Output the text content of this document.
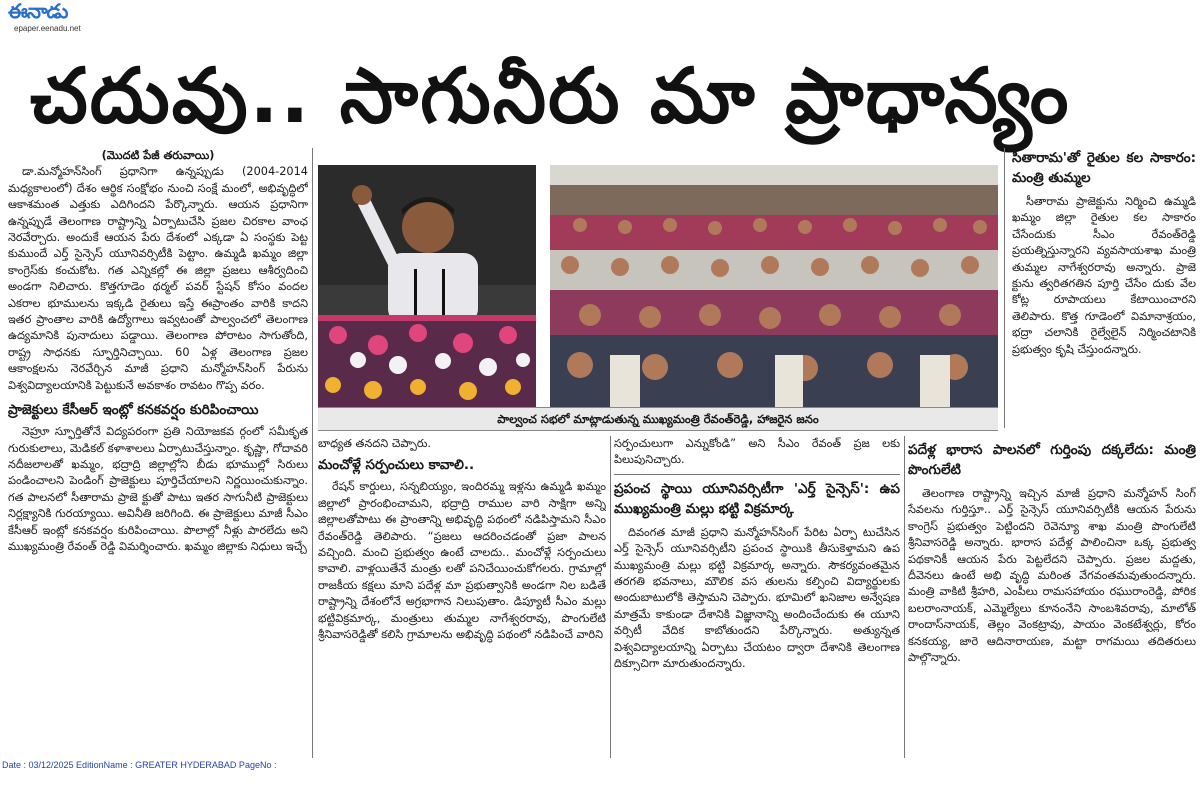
ఈనాడు
epaper.eenadu.net
చదువు.. సాగునీరు మా ప్రాధాన్యం
(మొదటి పేజీ తరువాయి)

డా.మన్మోహన్‌సింగ్ ప్రధానిగా ఉన్నప్పుడు (2004-2014 మధ్యకాలంలో) దేశం ఆర్థిక సంక్షోభం నుంచి సంక్షే మంలో, అభివృద్ధిలో ఆకాశమంత ఎత్తుకు ఎదిగిందని పేర్కొన్నారు. ఆయన ప్రధానిగా ఉన్నప్పుడే తెలంగాణ రాష్ట్రాన్ని ఏర్పాటుచేసి ప్రజల చిరకాల వాంఛ నెరవేర్చారు. అందుకే ఆయన పేరు దేశంలో ఎక్కడా ఏ సంస్థకు పెట్ట కుముందే ఎర్త్ సైన్సెస్ యూనివర్సిటీకి పెట్టాం. ఉమ్మడి ఖమ్మం జిల్లా కాంగ్రెస్‌కు కంచుకోట. గత ఎన్నికల్లో ఈ జిల్లా ప్రజలు ఆశీర్వదించి అండగా నిలిచారు. కొత్తగూడెం థర్మల్ పవర్ స్టేషన్ కోసం వందల ఎకరాల భూములను ఇక్కడి రైతులు ఇస్తే ఈప్రాంతం వారికి కాదని ఇతర ప్రాంతాల వారికి ఉద్యోగాలు ఇవ్వటంతో పాల్వంచలో తెలంగాణ ఉద్యమానికి పునాదులు పడ్డాయి. తెలంగాణ పోరాటం సాగుతోంది, రాష్ట్ర సాధనకు స్ఫూర్తినిచ్చాయి. 60 ఏళ్ల తెలంగాణ ప్రజల ఆకాంక్షలను నెరవేర్చిన మాజీ ప్రధాని మన్మోహన్‌సింగ్ పేరును విశ్వవిద్యాలయానికి పెట్టుకునే అవకాశం రావటం గొప్ప వరం.

ప్రాజెక్టులు కేసీఆర్ ఇంట్లో కనకవర్షం కురిపించాయి

నెహ్రూ స్ఫూర్తితోనే విద్యపరంగా ప్రతి నియోజకవ ర్గంలో సమీకృత గురుకులాలు, మెడికల్ కళాశాలలు ఏర్పాటుచేస్తున్నాం. కృష్ణా, గోదావరి నదీజలాలతో ఖమ్మం, భద్రాద్రి జిల్లాల్లోని బీడు భూముల్లో సిరులు పండించాలని పెండింగ్ ప్రాజెక్టులు పూర్తిచేయాలని నిర్ణయించుకున్నాం. గత పాలనలో సీతారామ ప్రాజె క్టుతో పాటు ఇతర సాగునీటి ప్రాజెక్టులు నిర్లక్ష్యానికి గురయ్యాయి. అవినీతి జరిగింది. ఈ ప్రాజెక్టులు మాజీ సీఎం కేసీఆర్ ఇంట్లో కనకవర్షం కురిపించాయి. పొలాల్లో నీళ్లు పారలేదు అని ముఖ్యమంత్రి రేవంత్ రెడ్డి విమర్శించారు. ఖమ్మం జిల్లాకు నిధులు ఇచ్చే

పాల్వంచ సభలో మాట్లాడుతున్న ముఖ్యమంత్రి రేవంత్‌రెడ్డి, హాజరైన జనం

బాధ్యత తనదని చెప్పారు.

మంచోళ్లే సర్పంచులు కావాలి..

రేషన్ కార్డులు, సన్నబియ్యం, ఇందిరమ్మ ఇళ్లను ఉమ్మడి ఖమ్మం జిల్లాలో ప్రారంభించామని, భద్రాద్రి రాముల వారి సాక్షిగా అన్ని జిల్లాలతోపాటు ఈ ప్రాంతాన్ని అభివృద్ధి పథంలో నడిపిస్తామని సీఎం రేవంత్‌రెడ్డి తెలిపారు. “ప్రజలు ఆదరించడంతో ప్రజా పాలన వచ్చింది. మంచి ప్రభుత్వం ఉంటే చాలదు.. మంచోళ్లే సర్పంచులు కావాలి. వాళ్లయితేనే మంత్రు లతో పనిచేయించుకోగలరు. గ్రామాల్లో రాజకీయ కక్షలు మాని పదేళ్ల మా ప్రభుత్వానికి అండగా నిల బడితే రాష్ట్రాన్ని దేశంలోనే అగ్రభాగాన నిలుపుతాం. డిప్యూటీ సీఎం మల్లు భట్టివిక్రమార్క, మంత్రులు తుమ్మల నాగేశ్వరరావు, పొంగులేటి శ్రీనివాసరెడ్డితో కలిసి గ్రామాలను అభివృద్ధి పథంలో నడిపించే వారిని

సర్పంచులుగా ఎన్నుకోండి” అని సీఎం రేవంత్ ప్రజ లకు పిలుపునిచ్చారు.

ప్రపంచ స్థాయి యూనివర్సిటీగా 'ఎర్త్ సైన్సెస్': ఉప ముఖ్యమంత్రి మల్లు భట్టి విక్రమార్క

దివంగత మాజీ ప్రధాని మన్మోహన్‌సింగ్ పేరిట ఏర్పా టుచేసిన ఎర్త్ సైన్సెస్ యూనివర్సిటీని ప్రపంచ స్థాయికి తీసుకెళ్తామని ఉప ముఖ్యమంత్రి మల్లు భట్టి విక్రమార్క అన్నారు. సౌకర్యవంతమైన తరగతి భవనాలు, మౌలిక వస తులను కల్పించి విద్యార్థులకు అందుబాటులోకి తెస్తామని చెప్పారు. భూమిలో ఖనిజాల అన్వేషణ మాత్రమే కాకుండా దేశానికి విజ్ఞానాన్ని అందించేందుకు ఈ యూని వర్సిటీ వేదిక కాబోతుందని పేర్కొన్నారు. అత్యున్నత విశ్వవిద్యాలయాన్ని ఏర్పాటు చేయటం ద్వారా దేశానికి తెలంగాణ దిక్సూచిగా మారుతుందన్నారు.

సీతారామ'తో రైతుల కల సాకారం: మంత్రి తుమ్మల

సీతారామ ప్రాజెక్టును నిర్మించి ఉమ్మడి ఖమ్మం జిల్లా రైతుల కల సాకారం చేసేందుకు సీఎం రేవంత్‌రెడ్డి ప్రయత్నిస్తున్నారని వ్యవసాయశాఖ మంత్రి తుమ్మల నాగేశ్వరరావు అన్నారు. ప్రాజె క్టును త్వరితగతిన పూర్తి చేసేం దుకు వేల కోట్ల రూపాయలు కేటాయించారని తెలిపారు. కొత్త గూడెంలో విమానాశ్రయం, భద్రా చలానికి రైల్వేలైన్ నిర్మించటానికి ప్రభుత్వం కృషి చేస్తుందన్నారు.

పదేళ్ల భారాస పాలనలో గుర్తింపు దక్కలేదు: మంత్రి పొంగులేటి

తెలంగాణ రాష్ట్రాన్ని ఇచ్చిన మాజీ ప్రధాని మన్మోహన్ సింగ్ సేవలను గుర్తిస్తూ.. ఎర్త్ సైన్సెస్ యూనివర్సిటీకి ఆయన పేరును కాంగ్రెస్ ప్రభుత్వం పెట్టిందని రెవెన్యూ శాఖ మంత్రి పొంగులేటి శ్రీనివాసరెడ్డి అన్నారు. భారాస పదేళ్ల పాలించినా ఒక్క ప్రభుత్వ పథకానికీ ఆయన పేరు పెట్టలేదని చెప్పారు. ప్రజల మద్దతు, దీవెనలు ఉంటే అభి వృద్ధి మరింత వేగవంతమవుతుందన్నారు. మంత్రి వాకిటి శ్రీహరి, ఎంపీలు రామసహాయం రఘురాంరెడ్డి, పోరిక బలరాంనాయక్, ఎమ్మెల్యేలు కూనంనేని సాంబశివరావు, మాలోత్ రాందాస్‌నాయక్, తెల్లం వెంకట్రావు, పాయం వెంకటేశ్వర్లు, కోరం కనకయ్య, జారె ఆదినారాయణ, మట్టా రాగమయి తదితరులు పాల్గొన్నారు.

Date : 03/12/2025 EditionName : GREATER HYDERABAD PageNo :
